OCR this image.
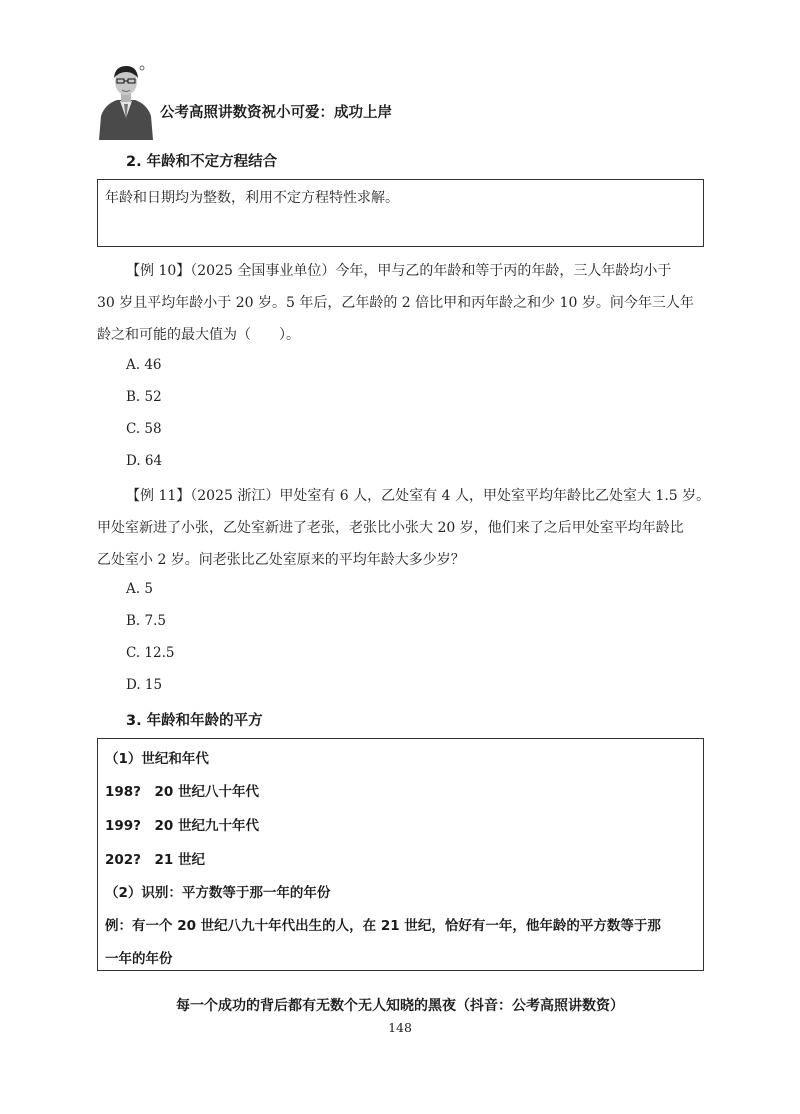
公考高照讲数资祝小可爱：成功上岸
2. 年龄和不定方程结合

年龄和日期均为整数，利用不定方程特性求解。

【例 10】（2025 全国事业单位）今年，甲与乙的年龄和等于丙的年龄，三人年龄均小于
30 岁且平均年龄小于 20 岁。5 年后，乙年龄的 2 倍比甲和丙年龄之和少 10 岁。问今年三人年
龄之和可能的最大值为（　　）。
A. 46
B. 52
C. 58
D. 64
【例 11】（2025 浙江）甲处室有 6 人，乙处室有 4 人，甲处室平均年龄比乙处室大 1.5 岁。
甲处室新进了小张，乙处室新进了老张，老张比小张大 20 岁，他们来了之后甲处室平均年龄比
乙处室小 2 岁。问老张比乙处室原来的平均年龄大多少岁？
A. 5
B. 7.5
C. 12.5
D. 15
3. 年龄和年龄的平方
（1）世纪和年代
198?　20 世纪八十年代
199?　20 世纪九十年代
202?　21 世纪
（2）识别：平方数等于那一年的年份
例：有一个 20 世纪八九十年代出生的人，在 21 世纪，恰好有一年，他年龄的平方数等于那
一年的年份
每一个成功的背后都有无数个无人知晓的黑夜（抖音：公考高照讲数资）
148
